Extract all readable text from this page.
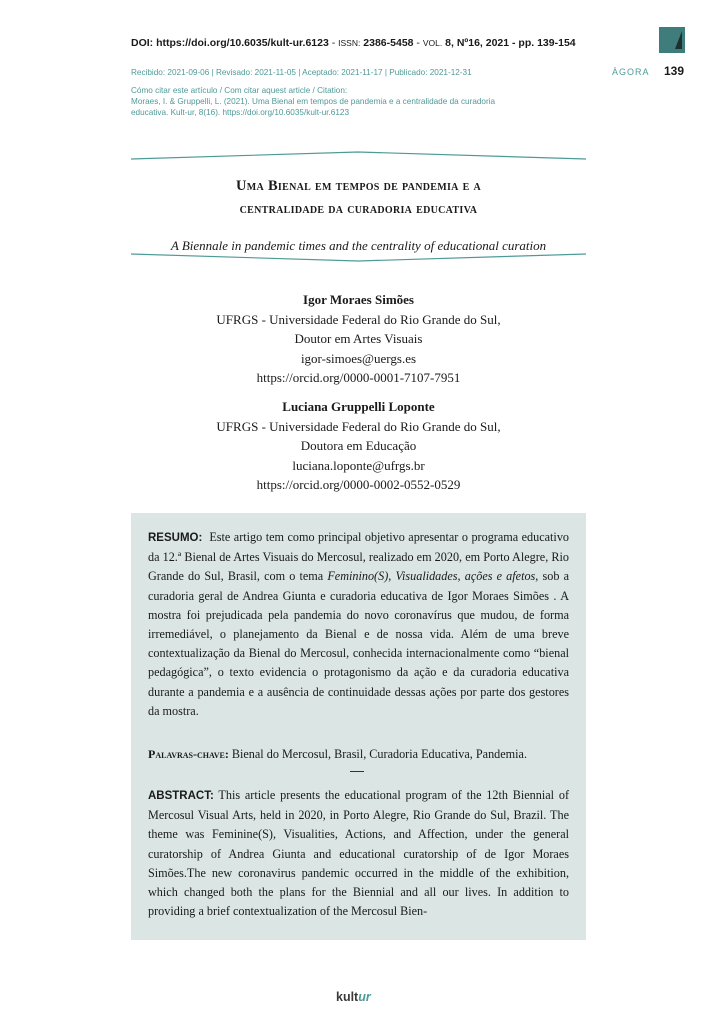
DOI: https://doi.org/10.6035/kult-ur.6123 - ISSN: 2386-5458 - VOL. 8, Nº16, 2021 - pp. 139-154
Recibido: 2021-09-06 | Revisado: 2021-11-05 | Aceptado: 2021-11-17 | Publicado: 2021-12-31	ÀGORA 139
Cómo citar este artículo / Com citar aquest article / Citation:
Moraes, I. & Gruppelli, L. (2021). Uma Bienal em tempos de pandemia e a centralidade da curadoria
educativa. Kult-ur, 8(16). https://doi.org/10.6035/kult-ur.6123
Uma Bienal em tempos de pandemia e a
centralidade da curadoria educativa
A Biennale in pandemic times and the centrality of educational curation
Igor Moraes Simões
UFRGS - Universidade Federal do Rio Grande do Sul,
Doutor em Artes Visuais
igor-simoes@uergs.es
https://orcid.org/0000-0001-7107-7951
Luciana Gruppelli Loponte
UFRGS - Universidade Federal do Rio Grande do Sul,
Doutora em Educação
luciana.loponte@ufrgs.br
https://orcid.org/0000-0002-0552-0529
RESUMO: Este artigo tem como principal objetivo apresentar o programa educativo da 12.ª Bienal de Artes Visuais do Mercosul, realizado em 2020, em Porto Alegre, Rio Grande do Sul, Brasil, com o tema Feminino(S), Visualidades, ações e afetos, sob a curadoria geral de Andrea Giunta e curadoria educativa de Igor Moraes Simões . A mostra foi prejudicada pela pandemia do novo coronavírus que mudou, de forma irremediável, o planejamento da Bienal e de nossa vida. Além de uma breve contextualização da Bienal do Mercosul, conhecida internacionalmente como “bienal pedagógica”, o texto evidencia o protagonismo da ação e da curadoria educativa durante a pandemia e a ausência de continuidade dessas ações por parte dos gestores da mostra.
Palavras-chave: Bienal do Mercosul, Brasil, Curadoria Educativa, Pandemia.
ABSTRACT: This article presents the educational program of the 12th Biennial of Mercosul Visual Arts, held in 2020, in Porto Alegre, Rio Grande do Sul, Brazil. The theme was Feminine(S), Visualities, Actions, and Affection, under the general curatorship of Andrea Giunta and educational curatorship of de Igor Moraes Simões.The new coronavirus pandemic occurred in the middle of the exhibition, which changed both the plans for the Biennial and all our lives. In addition to providing a brief contextualization of the Mercosul Bien-
kultur
